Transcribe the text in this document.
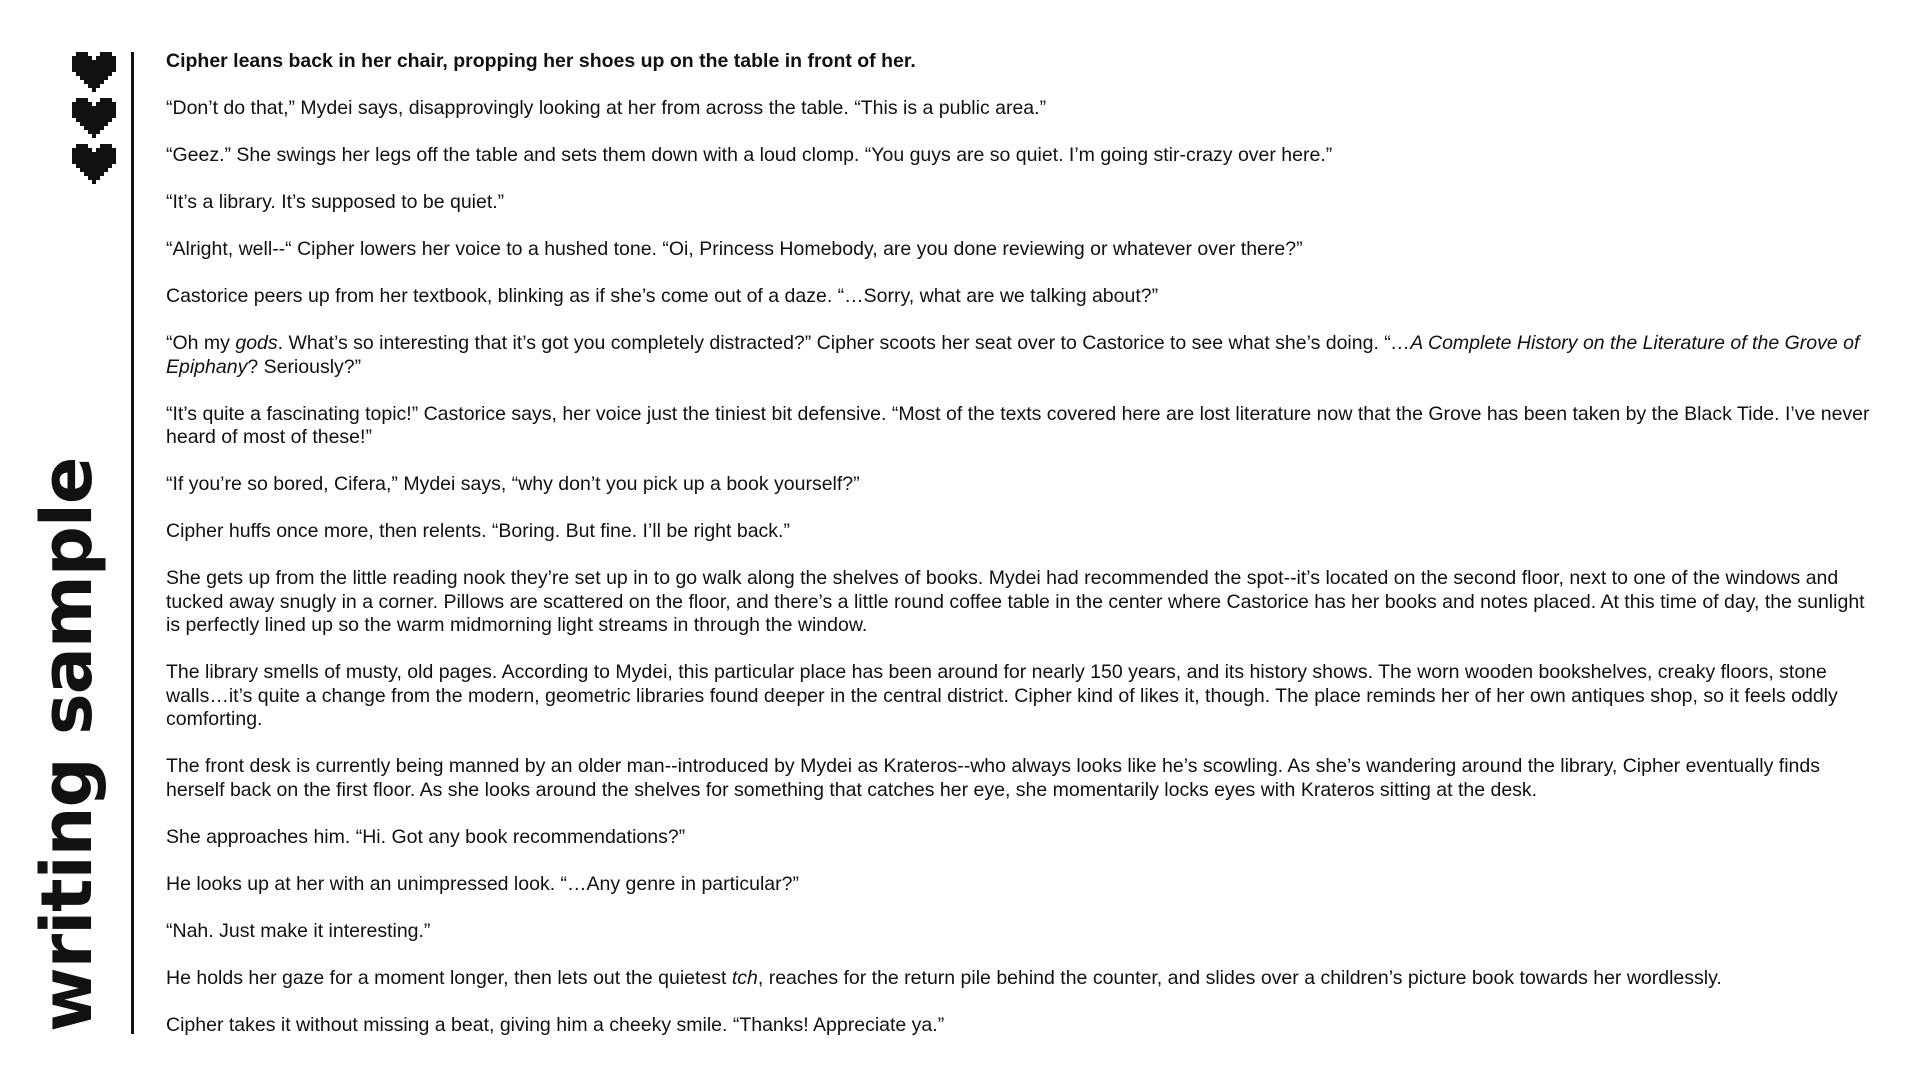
writing sample

Cipher leans back in her chair, propping her shoes up on the table in front of her.

“Don’t do that,” Mydei says, disapprovingly looking at her from across the table. “This is a public area.”

“Geez.” She swings her legs off the table and sets them down with a loud clomp. “You guys are so quiet. I’m going stir-crazy over here.”

“It’s a library. It’s supposed to be quiet.”

“Alright, well--“ Cipher lowers her voice to a hushed tone. “Oi, Princess Homebody, are you done reviewing or whatever over there?”

Castorice peers up from her textbook, blinking as if she’s come out of a daze. “…Sorry, what are we talking about?”

“Oh my gods. What’s so interesting that it’s got you completely distracted?” Cipher scoots her seat over to Castorice to see what she’s doing. “…A Complete History on the Literature of the Grove of Epiphany? Seriously?”

“It’s quite a fascinating topic!” Castorice says, her voice just the tiniest bit defensive. “Most of the texts covered here are lost literature now that the Grove has been taken by the Black Tide. I’ve never heard of most of these!”

“If you’re so bored, Cifera,” Mydei says, “why don’t you pick up a book yourself?”

Cipher huffs once more, then relents. “Boring. But fine. I’ll be right back.”

She gets up from the little reading nook they’re set up in to go walk along the shelves of books. Mydei had recommended the spot--it’s located on the second floor, next to one of the windows and tucked away snugly in a corner. Pillows are scattered on the floor, and there’s a little round coffee table in the center where Castorice has her books and notes placed. At this time of day, the sunlight is perfectly lined up so the warm midmorning light streams in through the window.

The library smells of musty, old pages. According to Mydei, this particular place has been around for nearly 150 years, and its history shows. The worn wooden bookshelves, creaky floors, stone walls…it’s quite a change from the modern, geometric libraries found deeper in the central district. Cipher kind of likes it, though. The place reminds her of her own antiques shop, so it feels oddly comforting.

The front desk is currently being manned by an older man--introduced by Mydei as Krateros--who always looks like he’s scowling. As she’s wandering around the library, Cipher eventually finds herself back on the first floor. As she looks around the shelves for something that catches her eye, she momentarily locks eyes with Krateros sitting at the desk.

She approaches him. “Hi. Got any book recommendations?”

He looks up at her with an unimpressed look. “…Any genre in particular?”

“Nah. Just make it interesting.”

He holds her gaze for a moment longer, then lets out the quietest tch, reaches for the return pile behind the counter, and slides over a children’s picture book towards her wordlessly.

Cipher takes it without missing a beat, giving him a cheeky smile. “Thanks! Appreciate ya.”
